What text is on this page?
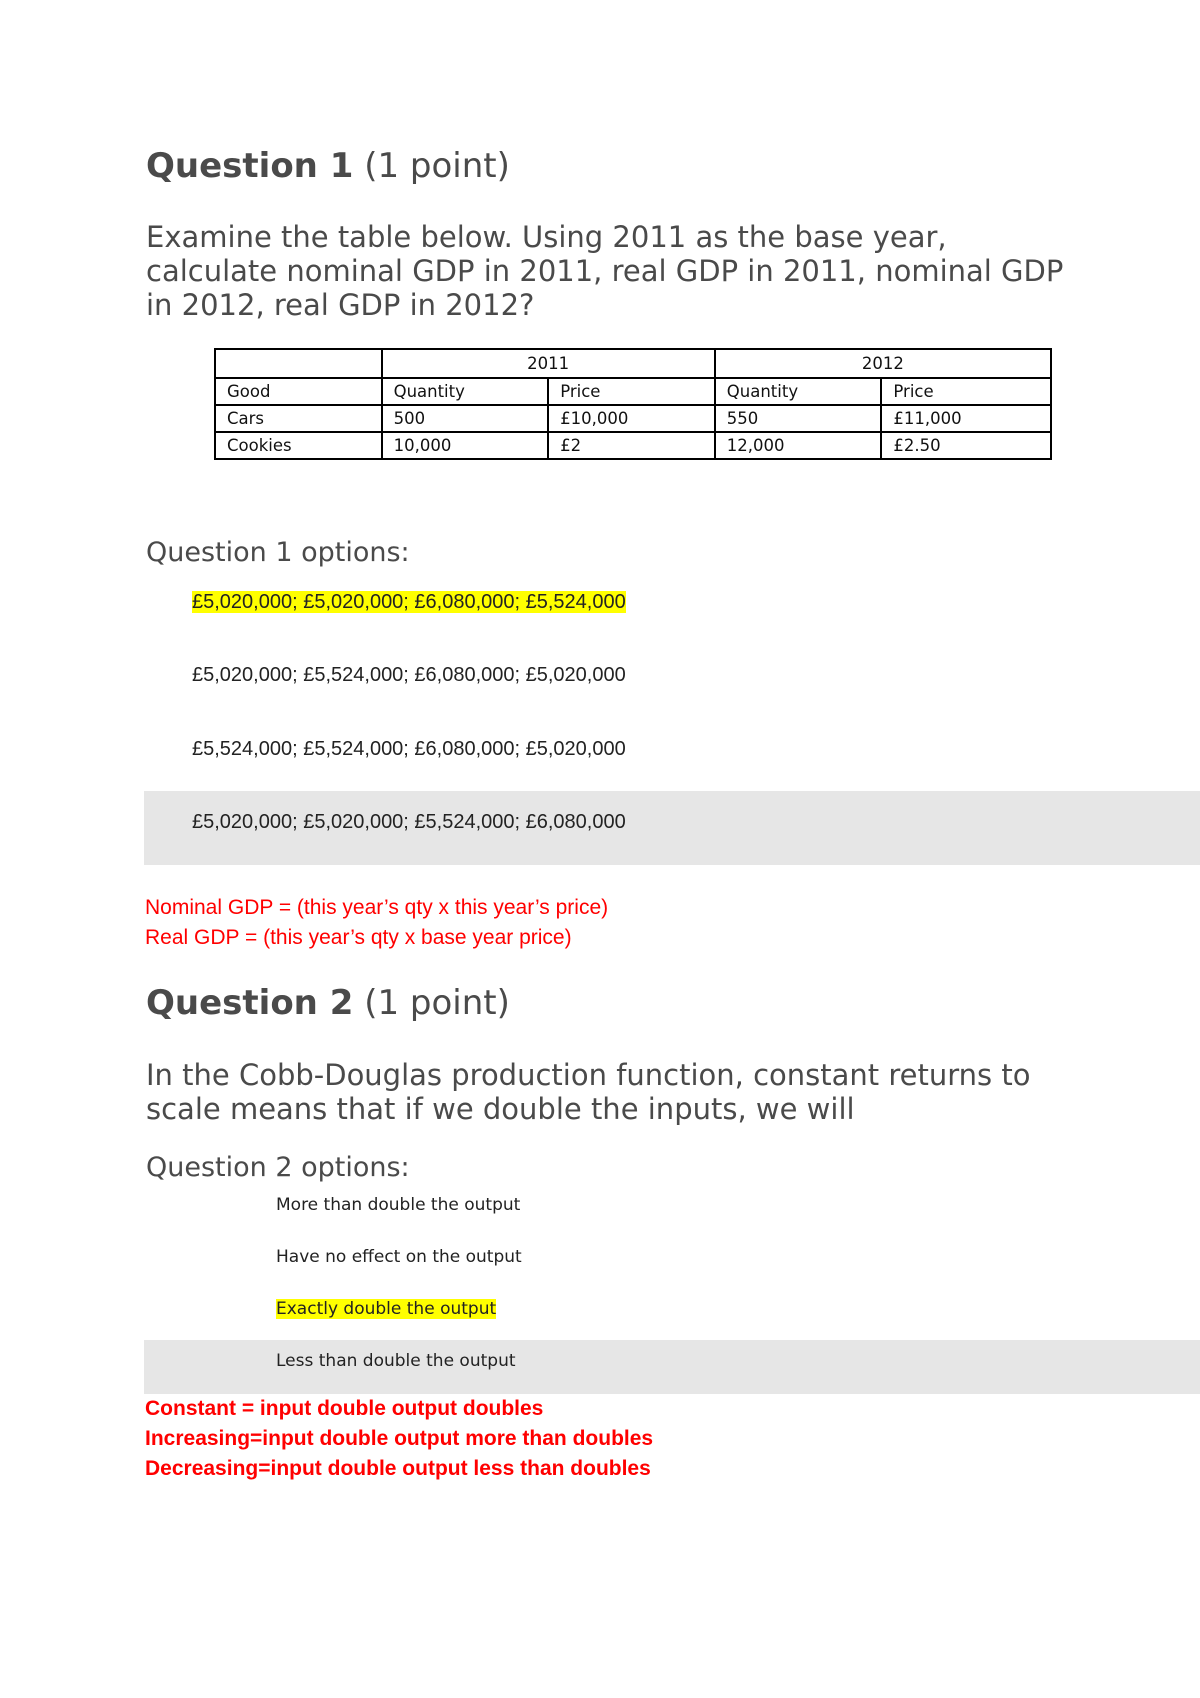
Question 1 (1 point)
Examine the table below. Using 2011 as the base year, calculate nominal GDP in 2011, real GDP in 2011, nominal GDP in 2012, real GDP in 2012?
	2011		2012	
Good	Quantity	Price	Quantity	Price
Cars	500	£10,000	550	£11,000
Cookies	10,000	£2	12,000	£2.50
Question 1 options:
£5,020,000; £5,020,000; £6,080,000; £5,524,000
£5,020,000; £5,524,000; £6,080,000; £5,020,000
£5,524,000; £5,524,000; £6,080,000; £5,020,000
£5,020,000; £5,020,000; £5,524,000; £6,080,000

Nominal GDP = (this year’s qty x this year’s price)

Real GDP = (this year’s qty x base year price)

Question 2 (1 point)
In the Cobb-Douglas production function, constant returns to scale means that if we double the inputs, we will
Question 2 options:
More than double the output
Have no effect on the output
Exactly double the output
Less than double the output

Constant = input double output doubles

Increasing=input double output more than doubles

Decreasing=input double output less than doubles
